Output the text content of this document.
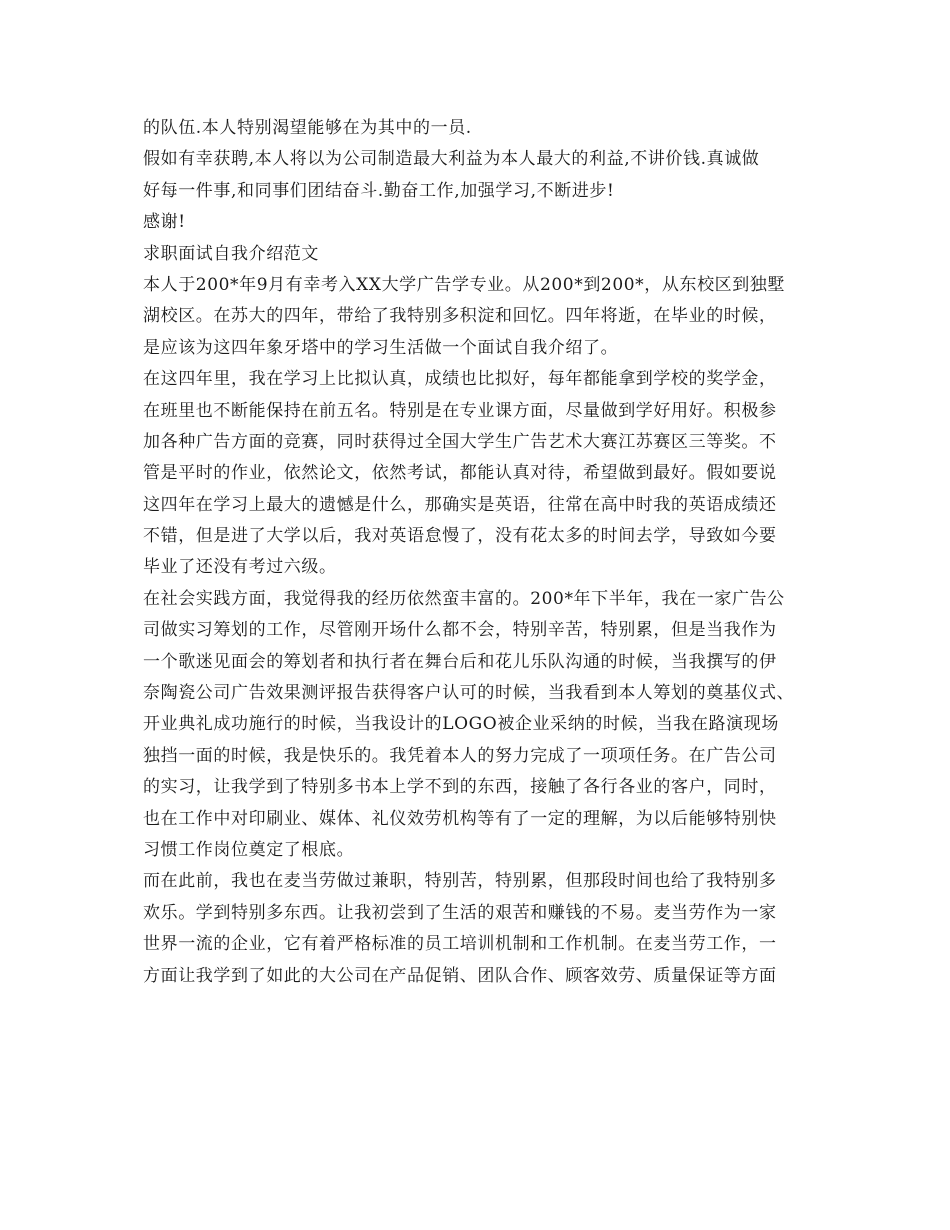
的队伍.本人特别渴望能够在为其中的一员.
假如有幸获聘,本人将以为公司制造最大利益为本人最大的利益,不讲价钱.真诚做
好每一件事,和同事们团结奋斗.勤奋工作,加强学习,不断进步!
感谢!
求职面试自我介绍范文
本人于200*年9月有幸考入XX大学广告学专业。从200*到200*，从东校区到独墅
湖校区。在苏大的四年，带给了我特别多积淀和回忆。四年将逝，在毕业的时候，
是应该为这四年象牙塔中的学习生活做一个面试自我介绍了。
在这四年里，我在学习上比拟认真，成绩也比拟好，每年都能拿到学校的奖学金，
在班里也不断能保持在前五名。特别是在专业课方面，尽量做到学好用好。积极参
加各种广告方面的竞赛，同时获得过全国大学生广告艺术大赛江苏赛区三等奖。不
管是平时的作业，依然论文，依然考试，都能认真对待，希望做到最好。假如要说
这四年在学习上最大的遗憾是什么，那确实是英语，往常在高中时我的英语成绩还
不错，但是进了大学以后，我对英语怠慢了，没有花太多的时间去学，导致如今要
毕业了还没有考过六级。
在社会实践方面，我觉得我的经历依然蛮丰富的。200*年下半年，我在一家广告公
司做实习筹划的工作，尽管刚开场什么都不会，特别辛苦，特别累，但是当我作为
一个歌迷见面会的筹划者和执行者在舞台后和花儿乐队沟通的时候，当我撰写的伊
奈陶瓷公司广告效果测评报告获得客户认可的时候，当我看到本人筹划的奠基仪式、
开业典礼成功施行的时候，当我设计的LOGO被企业采纳的时候，当我在路演现场
独挡一面的时候，我是快乐的。我凭着本人的努力完成了一项项任务。在广告公司
的实习，让我学到了特别多书本上学不到的东西，接触了各行各业的客户，同时，
也在工作中对印刷业、媒体、礼仪效劳机构等有了一定的理解，为以后能够特别快
习惯工作岗位奠定了根底。
而在此前，我也在麦当劳做过兼职，特别苦，特别累，但那段时间也给了我特别多
欢乐。学到特别多东西。让我初尝到了生活的艰苦和赚钱的不易。麦当劳作为一家
世界一流的企业，它有着严格标准的员工培训机制和工作机制。在麦当劳工作，一
方面让我学到了如此的大公司在产品促销、团队合作、顾客效劳、质量保证等方面
